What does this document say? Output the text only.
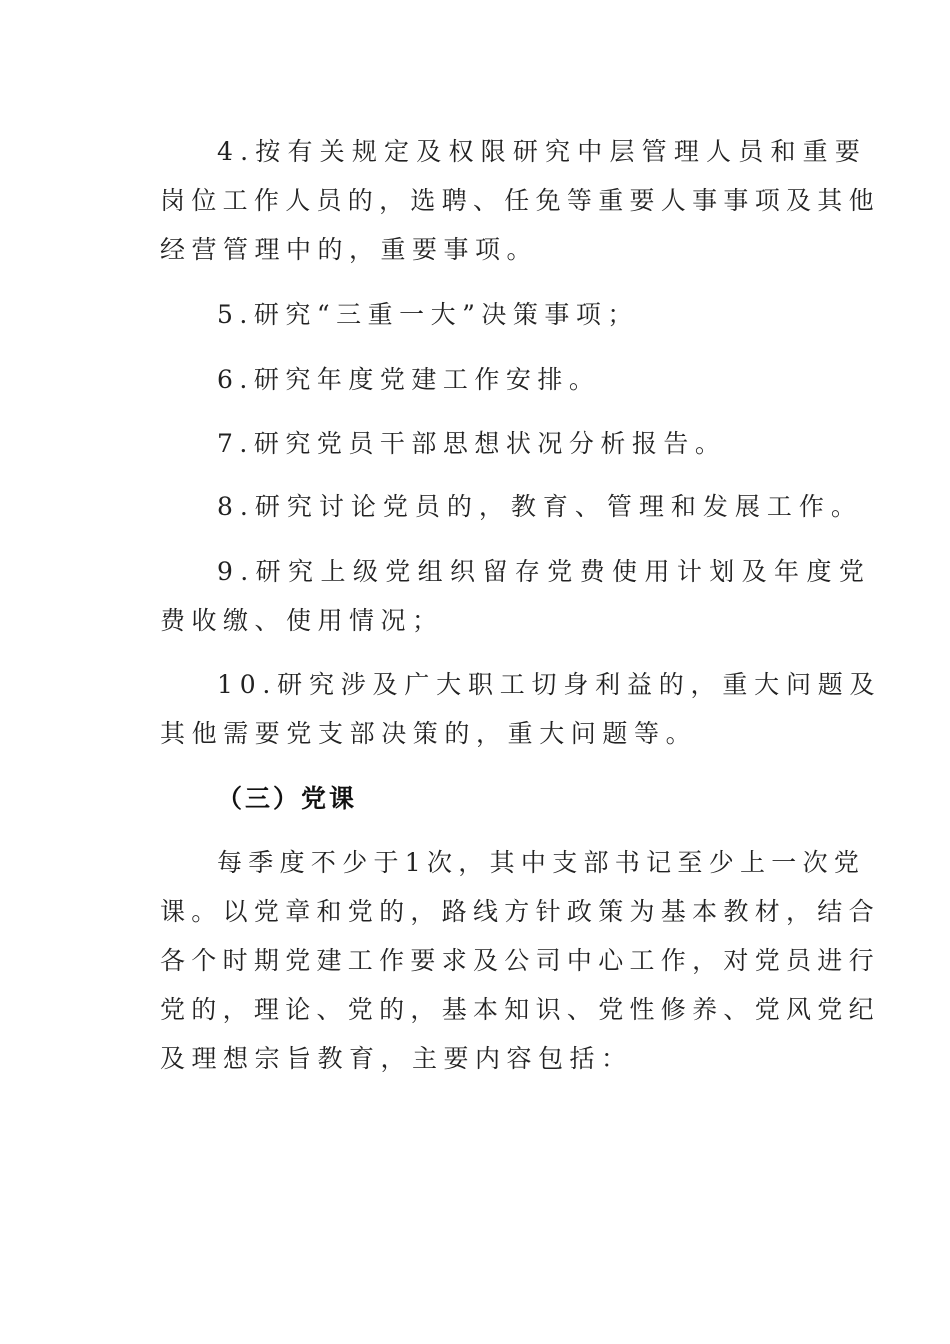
4.按有关规定及权限研究中层管理人员和重要
岗位工作人员的，选聘、任免等重要人事事项及其他
经营管理中的，重要事项。
5.研究“三重一大”决策事项；
6.研究年度党建工作安排。
7.研究党员干部思想状况分析报告。
8.研究讨论党员的，教育、管理和发展工作。
9.研究上级党组织留存党费使用计划及年度党
费收缴、使用情况；
10.研究涉及广大职工切身利益的，重大问题及
其他需要党支部决策的，重大问题等。
（三）党课
每季度不少于1次，其中支部书记至少上一次党
课。以党章和党的，路线方针政策为基本教材，结合
各个时期党建工作要求及公司中心工作，对党员进行
党的，理论、党的，基本知识、党性修养、党风党纪
及理想宗旨教育，主要内容包括：
